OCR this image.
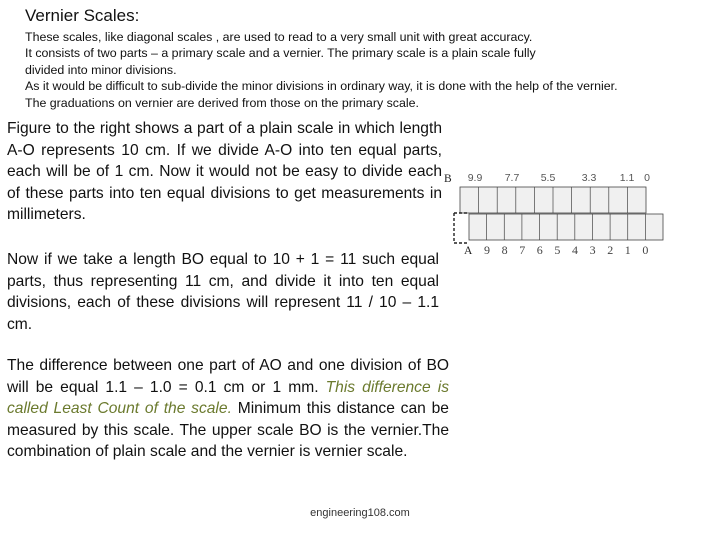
Vernier Scales:
These scales, like diagonal scales , are used to read to a very small unit with great accuracy.
It consists of two parts – a primary scale and a vernier. The primary scale is a plain scale fully
divided into minor divisions.
As it would be difficult to sub-divide the minor divisions in ordinary way, it is done with the help of the vernier.
The graduations on vernier are derived from those on the primary scale.
Figure to the right shows a part of a plain scale in which length A-O represents 10 cm. If we divide A-O into ten equal parts, each will be of 1 cm. Now it would not be easy to divide each of these parts into ten equal divisions to get measurements in millimeters.
Now if we take a length BO equal to 10 + 1 = 11 such equal parts, thus representing 11 cm, and divide it into ten equal divisions, each of these divisions will represent 11 / 10 – 1.1 cm.
The difference between one part of AO and one division of BO will be equal 1.1 – 1.0 = 0.1 cm or 1 mm. This difference is called Least Count of the scale. Minimum this distance can be measured by this scale. The upper scale BO is the vernier.The combination of plain scale and the vernier is vernier scale.
B
A
9.9 7.7 5.5	3.3 1.1 0
9 8 7 6 5 4 3 2 1 0
engineering108.com
